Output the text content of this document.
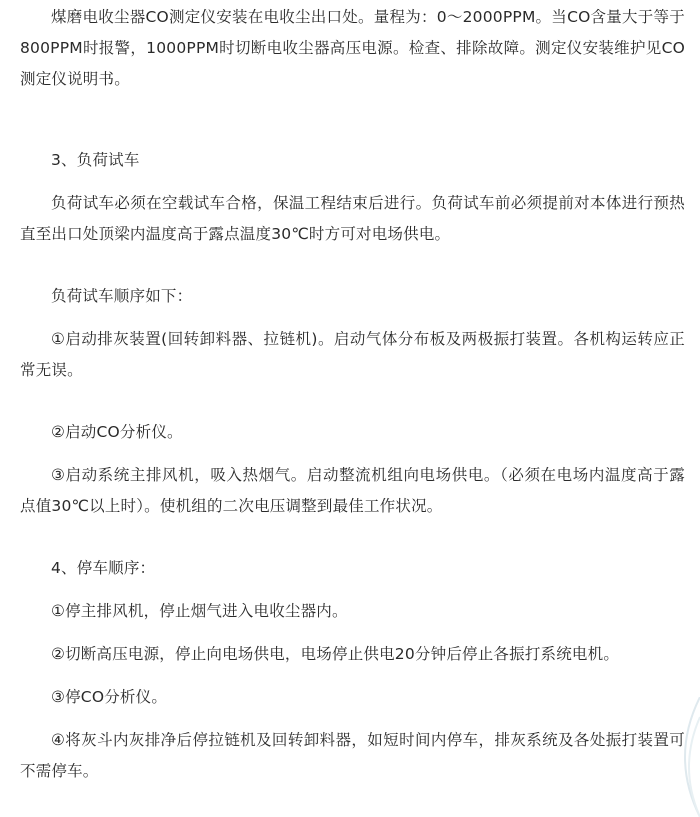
煤磨电收尘器CO测定仪安装在电收尘出口处。量程为：0～2000PPM。当CO含量大于等于800PPM时报警，1000PPM时切断电收尘器高压电源。检查、排除故障。测定仪安装维护见CO测定仪说明书。

3、负荷试车

负荷试车必须在空载试车合格，保温工程结束后进行。负荷试车前必须提前对本体进行预热直至出口处顶梁内温度高于露点温度30℃时方可对电场供电。

负荷试车顺序如下：

①启动排灰装置(回转卸料器、拉链机)。启动气体分布板及两极振打装置。各机构运转应正常无误。

②启动CO分析仪。

③启动系统主排风机，吸入热烟气。启动整流机组向电场供电。（必须在电场内温度高于露点值30℃以上时）。使机组的二次电压调整到最佳工作状况。

4、停车顺序：

①停主排风机，停止烟气进入电收尘器内。

②切断高压电源，停止向电场供电，电场停止供电20分钟后停止各振打系统电机。

③停CO分析仪。

④将灰斗内灰排净后停拉链机及回转卸料器，如短时间内停车，排灰系统及各处振打装置可不需停车。
